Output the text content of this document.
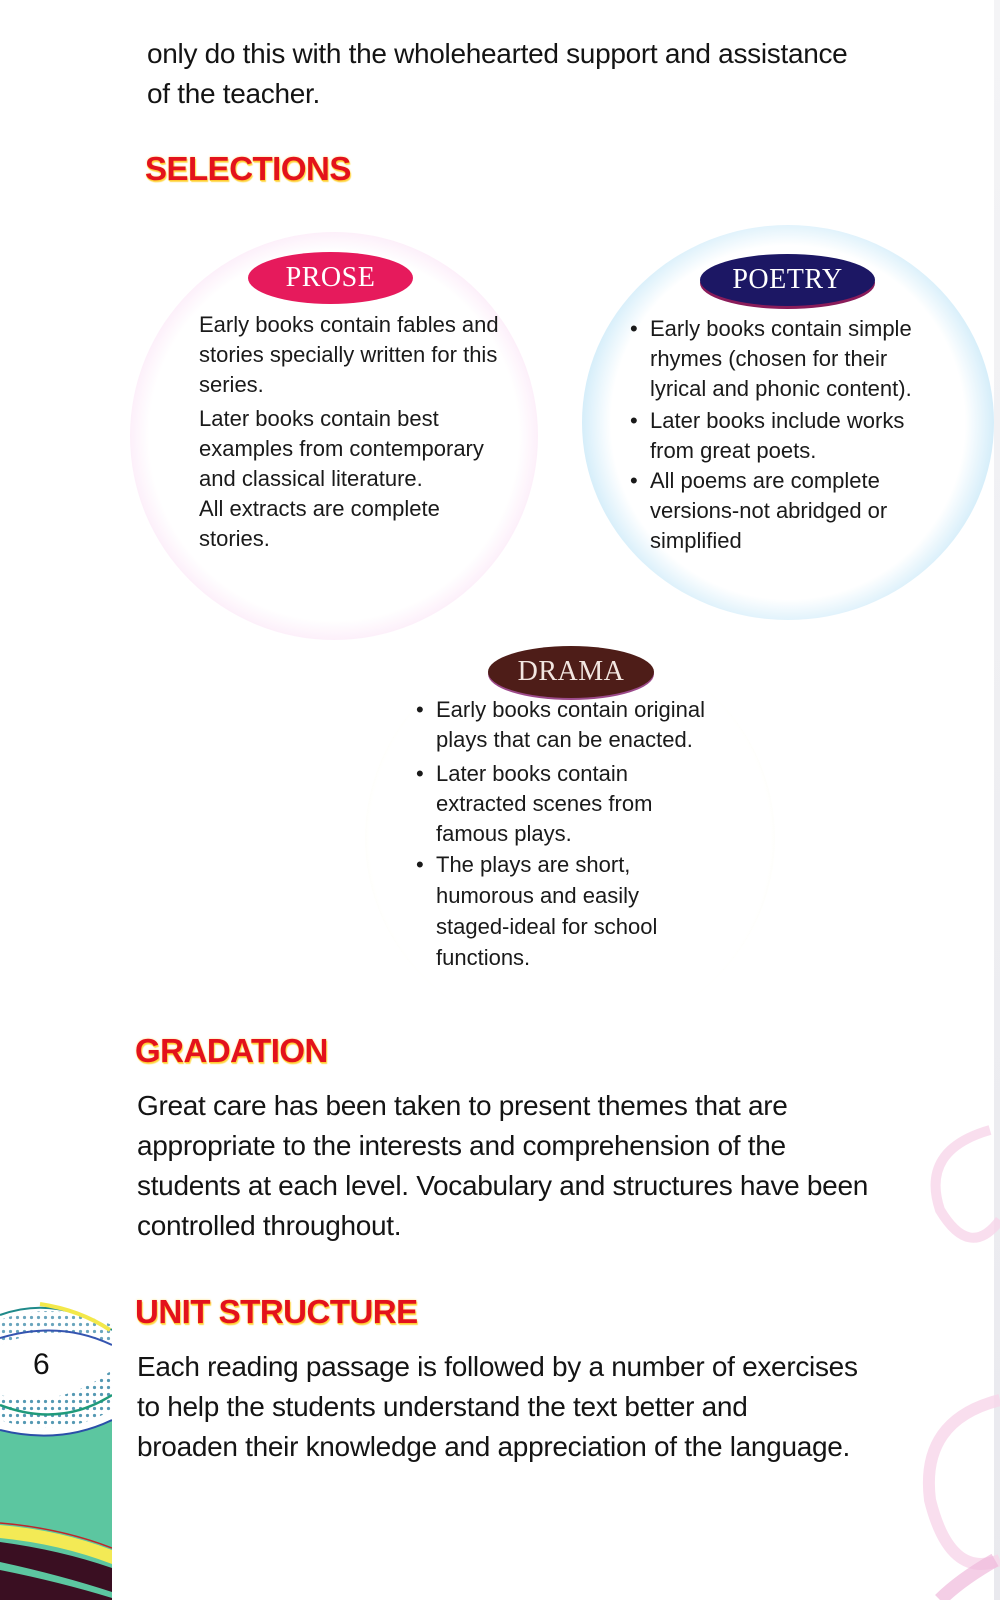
only do this with the wholehearted support and assistance
of the teacher.
SELECTIONS
PROSE

Early books contain fables and stories specially written for this series.

Later books contain best examples from contemporary and classical literature.

All extracts are complete stories.

POETRY
• Early books contain simple rhymes (chosen for their lyrical and phonic content).
• Later books include works from great poets.
• All poems are complete versions-not abridged or simplified
DRAMA
• Early books contain original plays that can be enacted.
• Later books contain extracted scenes from famous plays.
• The plays are short, humorous and easily staged-ideal for school functions.
GRADATION
Great care has been taken to present themes that are
appropriate to the interests and comprehension of the
students at each level. Vocabulary and structures have been
controlled throughout.
UNIT STRUCTURE
Each reading passage is followed by a number of exercises
to help the students understand the text better and
broaden their knowledge and appreciation of the language.
6
